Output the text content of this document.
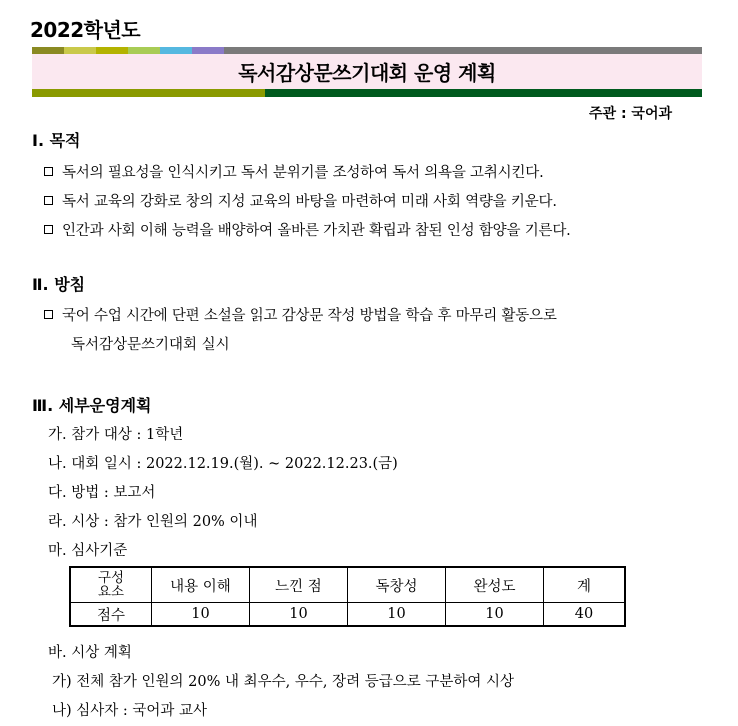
2022학년도
독서감상문쓰기대회 운영 계획
주관 : 국어과
Ⅰ. 목적
독서의 필요성을 인식시키고 독서 분위기를 조성하여 독서 의욕을 고취시킨다.
독서 교육의 강화로 창의 지성 교육의 바탕을 마련하여 미래 사회 역량을 키운다.
인간과 사회 이해 능력을 배양하여 올바른 가치관 확립과 참된 인성 함양을 기른다.
Ⅱ. 방침
국어 수업 시간에 단편 소설을 읽고 감상문 작성 방법을 학습 후 마무리 활동으로
독서감상문쓰기대회 실시
Ⅲ. 세부운영계획
가. 참가 대상 : 1학년
나. 대회 일시 : 2022.12.19.(월). ~ 2022.12.23.(금)
다. 방법 : 보고서
라. 시상 : 참가 인원의 20% 이내
마. 심사기준
구성
요소	내용 이해	느낀 점	독창성	완성도	계
점수	10	10	10	10	40
바. 시상 계획
가) 전체 참가 인원의 20% 내 최우수, 우수, 장려 등급으로 구분하여 시상
나) 심사자 : 국어과 교사
